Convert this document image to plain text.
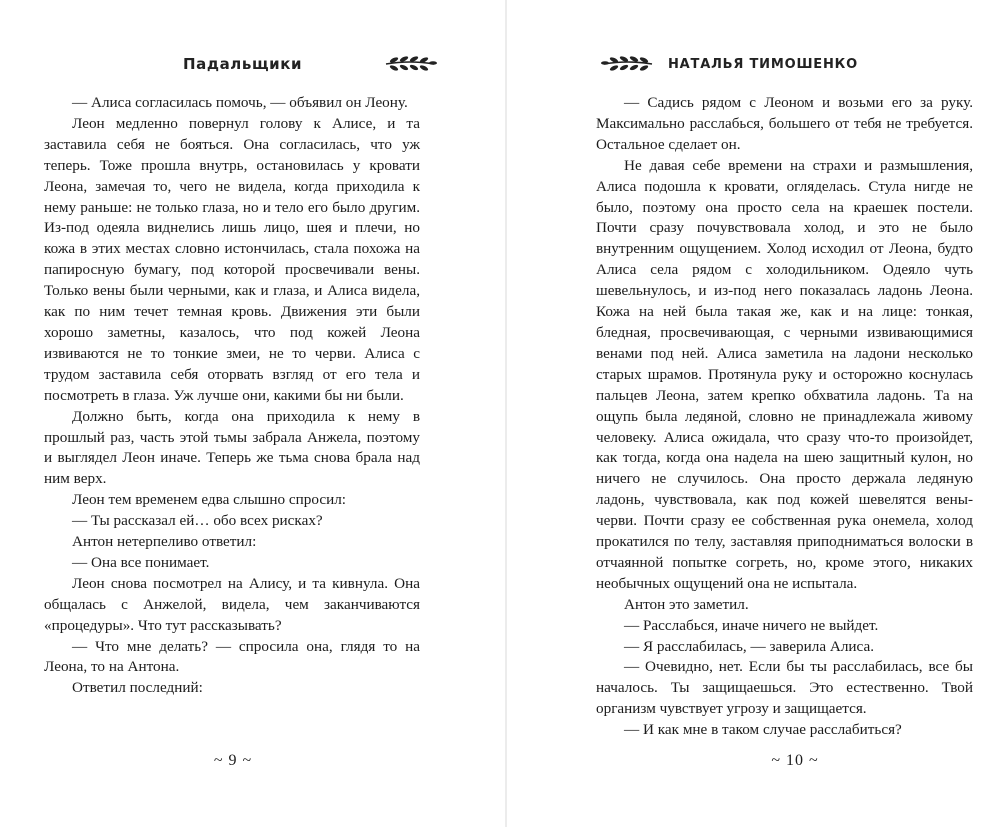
Падальщики

— Алиса согласилась помочь, — объявил он Леону.

Леон медленно повернул голову к Алисе, и та заставила себя не бояться. Она согласилась, что уж теперь. Тоже прошла внутрь, остановилась у кровати Леона, замечая то, чего не видела, когда приходила к нему раньше: не только глаза, но и тело его было другим. Из-под одеяла виднелись лишь лицо, шея и плечи, но кожа в этих местах словно истончилась, стала похожа на папиросную бумагу, под которой просвечивали вены. Только вены были черными, как и глаза, и Алиса видела, как по ним течет темная кровь. Движения эти были хорошо заметны, казалось, что под кожей Леона извиваются не то тонкие змеи, не то черви. Алиса с трудом заставила себя оторвать взгляд от его тела и посмотреть в глаза. Уж лучше они, какими бы ни были.

Должно быть, когда она приходила к нему в прошлый раз, часть этой тьмы забрала Анжела, поэтому и выглядел Леон иначе. Теперь же тьма снова брала над ним верх.

Леон тем временем едва слышно спросил:

— Ты рассказал ей… обо всех рисках?

Антон нетерпеливо ответил:

— Она все понимает.

Леон снова посмотрел на Алису, и та кивнула. Она общалась с Анжелой, видела, чем заканчиваются «процедуры». Что тут рассказывать?

— Что мне делать? — спросила она, глядя то на Леона, то на Антона.

Ответил последний:

~ 9 ~
НАТАЛЬЯ ТИМОШЕНКО

— Садись рядом с Леоном и возьми его за руку. Максимально расслабься, большего от тебя не требуется. Остальное сделает он.

Не давая себе времени на страхи и размышления, Алиса подошла к кровати, огляделась. Стула нигде не было, поэтому она просто села на краешек постели. Почти сразу почувствовала холод, и это не было внутренним ощущением. Холод исходил от Леона, будто Алиса села рядом с холодильником. Одеяло чуть шевельнулось, и из-под него показалась ладонь Леона. Кожа на ней была такая же, как и на лице: тонкая, бледная, просвечивающая, с черными извивающимися венами под ней. Алиса заметила на ладони несколько старых шрамов. Протянула руку и осторожно коснулась пальцев Леона, затем крепко обхватила ладонь. Та на ощупь была ледяной, словно не принадлежала живому человеку. Алиса ожидала, что сразу что-то произойдет, как тогда, когда она надела на шею защитный кулон, но ничего не случилось. Она просто держала ледяную ладонь, чувствовала, как под кожей шевелятся вены-черви. Почти сразу ее собственная рука онемела, холод прокатился по телу, заставляя приподниматься волоски в отчаянной попытке согреть, но, кроме этого, никаких необычных ощущений она не испытала.

Антон это заметил.

— Расслабься, иначе ничего не выйдет.

— Я расслабилась, — заверила Алиса.

— Очевидно, нет. Если бы ты расслабилась, все бы началось. Ты защищаешься. Это естественно. Твой организм чувствует угрозу и защищается.

— И как мне в таком случае расслабиться?

~ 10 ~
